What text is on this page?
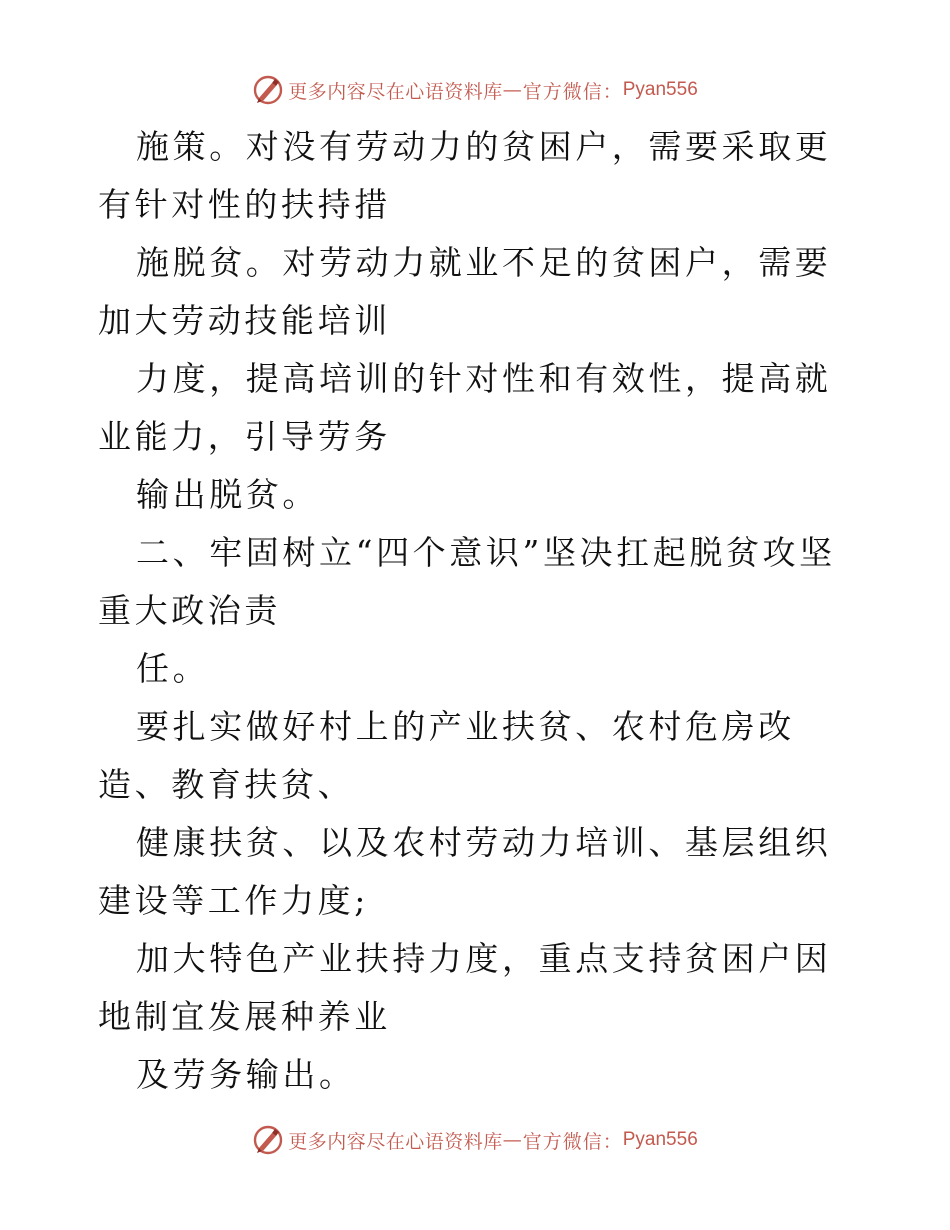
更多内容尽在心语资料库 — 官方微信： Pyan556

施策。对没有劳动力的贫困户，需要采取更有针对性的扶持措

施脱贫。对劳动力就业不足的贫困户，需要加大劳动技能培训

力度，提高培训的针对性和有效性，提高就业能力，引导劳务

输出脱贫。

二、牢固树立“四个意识”坚决扛起脱贫攻坚重大政治责

任。

要扎实做好村上的产业扶贫、农村危房改造、教育扶贫、

健康扶贫、以及农村劳动力培训、基层组织建设等工作力度;

加大特色产业扶持力度，重点支持贫困户因地制宜发展种养业

及劳务输出。

更多内容尽在心语资料库 — 官方微信： Pyan556
